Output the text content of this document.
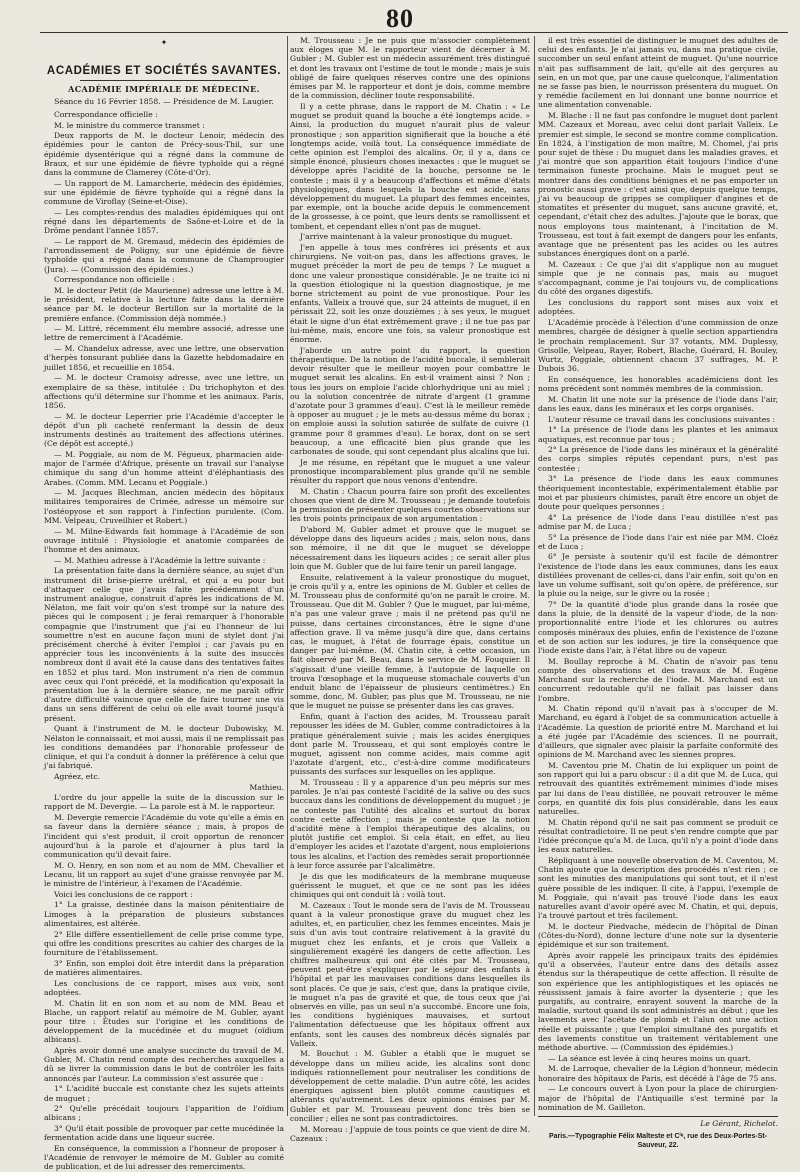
80
✦
ACADÉMIES ET SOCIÉTÉS SAVANTES.
ACADÉMIE IMPÉRIALE DE MÉDECINE.
Séance du 16 Février 1858. — Présidence de M. Laugier.

Correspondance officielle :

M. le ministre du commerce transmet :

Deux rapports de M. le docteur Lenoir, médecin des épidémies pour le canton de Précy-sous-Thil, sur une épidémie dysentérique qui a régné dans la commune de Braux, et sur une épidémie de fièvre typhoïde qui a régné dans la commune de Clamerey (Côte-d'Or).

— Un rapport de M. Lamarcherie, médecin des épidémies, sur une épidémie de fièvre typhoïde qui a régné dans la commune de Viroflay (Seine-et-Oise).

— Les comptes-rendus des maladies épidémiques qui ont régné dans les départements de Saône-et-Loire et de la Drôme pendant l'année 1857.

— Le rapport de M. Gremaud, médecin des épidémies de l'arrondissement de Poligny, sur une épidémie de fièvre typhoïde qui a régné dans la commune de Champrougier (Jura). — (Commission des épidémies.)

Correspondance non officielle :

M. le docteur Petit (de Maurienne) adresse une lettre à M. le président, relative à la lecture faite dans la dernière séance par M. le docteur Bertillon sur la mortalité de la première enfance. (Commission déjà nommée.)

— M. Littré, récemment élu membre associé, adresse une lettre de remerciment à l'Académie.

— M. Chandelux adresse, avec une lettre, une observation d'herpès tonsurant publiée dans la Gazette hebdomadaire en juillet 1856, et recueillie en 1854.

— M. le docteur Cramoisy adresse, avec une lettre, un exemplaire de sa thèse, intitulée : Du trichophyton et des affections qu'il détermine sur l'homme et les animaux. Paris, 1856.

— M. le docteur Leperrier prie l'Académie d'accepter le dépôt d'un pli cacheté renfermant la dessin de deux instruments destinés au traitement des affections utérines. (Ce dépôt est accepté.)

— M. Poggiale, au nom de M. Fégueux, pharmacien aide-major de l'armée d'Afrique, présente un travail sur l'analyse chimique du sang d'un homme atteint d'éléphantiasis des Arabes. (Comm. MM. Lecanu et Poggiale.)

— M. Jacques Blechman, ancien médecin des hôpitaux militaires temporaires de Crimée, adresse un mémoire sur l'ostéopyose et son rapport à l'infection purulente. (Com. MM. Velpeau, Cruveilhier et Robert.)

— M. Milne-Edwards fait hommage à l'Académie de son ouvrage intitulé : Physiologie et anatomie comparées de l'homme et des animaux.

— M. Mathieu adresse à l'Académie la lettre suivante :

La présentation faite dans la dernière séance, au sujet d'un instrument dit brise-pierre urétral, et qui a eu pour but d'attaquer celle que j'avais faite précédemment d'un instrument analogue, construit d'après les indications de M. Nélaton, me fait voir qu'on s'est trompé sur la nature des pièces qui le composent ; je ferai remarquer à l'honorable compagnie que l'instrument que j'ai eu l'honneur de lui soumettre n'est en aucune façon muni de stylet dont j'ai précisément cherché à éviter l'emploi ; car j'avais pu en apprécier tous les inconvénients à la suite des insuccès nombreux dont il avait été la cause dans des tentatives faites en 1852 et plus tard. Mon instrument n'a rien de commun avec ceux qui l'ont précédé, et la modification qu'exposait la présentation lue à la dernière séance, ne me paraît offrir d'autre difficulté vaincue que celle de faire tourner une vis dans un sens différent de celui où elle avait tourné jusqu'à présent.

Quant à l'instrument de M. le docteur Dubowisky, M. Nélaton le connaissait, et moi aussi, mais il ne remplissait pas les conditions demandées par l'honorable professeur de clinique, et qui l'a conduit à donner la préférence à celui que j'ai fabriqué.

Agréez, etc.

Mathieu.

L'ordre du jour appelle la suite de la discussion sur le rapport de M. Devergie. — La parole est à M. le rapporteur.

M. Devergie remercie l'Académie du vote qu'elle a émis en sa faveur dans la dernière séance ; mais, à propos de l'incident qui s'est produit, il croit opportun de renoncer aujourd'hui à la parole et d'ajourner à plus tard la communication qu'il devait faire.

M. O. Henry, en son nom et au nom de MM. Chevallier et Lecanu, lit un rapport au sujet d'une graisse renvoyée par M. le ministre de l'intérieur, à l'examen de l'Académie.

Voici les conclusions de ce rapport :

1° La graisse, destinée dans la maison pénitentiaire de Limoges à la préparation de plusieurs substances alimentaires, est altérée.

2° Elle diffère essentiellement de celle prise comme type, qui offre les conditions prescrites au cahier des charges de la fourniture de l'établissement.

3° Enfin, son emploi doit être interdit dans la préparation de matières alimentaires.

Les conclusions de ce rapport, mises aux voix, sont adoptées.

M. Chatin lit en son nom et au nom de MM. Beau et Blache, un rapport relatif au mémoire de M. Gubler, ayant pour titre : Études sur l'origine et les conditions de développement de la mucédinée et du muguet (oïdium albicans).

Après avoir donné une analyse succincte du travail de M. Gubler, M. Chatin rend compte des recherches auxquelles a dû se livrer la commission dans le but de contrôler les faits annoncés par l'auteur. La commission s'est assurée que :

1° L'acidité buccale est constante chez les sujets atteints de muguet ;

2° Qu'elle précédait toujours l'apparition de l'oïdium albicans ;

3° Qu'il était possible de provoquer par cette mucédinée la fermentation acide dans une liqueur sucrée.

En conséquence, la commission a l'honneur de proposer à l'Académie de renvoyer le mémoire de M. Gubler au comité de publication, et de lui adresser des remerciments.

M. Trousseau : Je ne puis que m'associer complètement aux éloges que M. le rapporteur vient de décerner à M. Gubler ; M. Gubler est un médecin assurément très distingué et dont les travaux ont l'estime de tout le monde ; mais je suis obligé de faire quelques réserves contre une des opinions émises par M. le rapporteur et dont je dois, comme membre de la commission, décliner toute responsabilité.

Il y a cette phrase, dans le rapport de M. Chatin : « Le muguet se produit quand la bouche a été longtemps acide. » Ainsi, la production du muguet n'aurait plus de valeur pronostique ; son apparition signifierait que la bouche a été longtemps acide, voilà tout. La conséquence immédiate de cette opinion est l'emploi des alcalins. Or, il y a, dans ce simple énoncé, plusieurs choses inexactes : que le muguet se développe après l'acidité de la bouche, personne ne le conteste ; mais il y a beaucoup d'affections et même d'états physiologiques, dans lesquels la bouche est acide, sans développement du muguet. La plupart des femmes enceintes, par exemple, ont la bouche acide depuis le commencement de la grossesse, à ce point, que leurs dents se ramollissent et tombent, et cependant elles n'ont pas de muguet.

J'arrive maintenant à la valeur pronostique du muguet.

J'en appelle à tous mes confrères ici présents et aux chirurgiens. Ne voit-on pas, dans les affections graves, le muguet précéder la mort de peu de temps ? Le muguet a donc une valeur pronostique considérable. Je ne traite ici ni la question étiologique ni la question diagnostique, je me borne strictement au point de vue pronostique. Pour les enfants, Valleix a trouvé que, sur 24 atteints de muguet, il en périssait 22, soit les onze douzièmes ; à ses yeux, le muguet était le signe d'un état extrêmement grave ; il ne tue pas par lui-même, mais, encore une fois, sa valeur pronostique est énorme.

J'aborde un autre point du rapport, la question thérapeutique. De la notion de l'acidité buccale, il semblerait devoir résulter que le meilleur moyen pour combattre le muguet serait les alcalins. En est-il vraiment ainsi ? Non ; tous les jours on emploie l'acide chlorhydrique uni au miel ; ou la solution concentrée de nitrate d'argent (1 gramme d'azotate pour 3 grammes d'eau). C'est là le meilleur remède à opposer au muguet ; je le mets au-dessus même du borax ; on emploie aussi la solution saturée de sulfate de cuivre (1 gramme pour 8 grammes d'eau). Le borax, dont on se sert beaucoup, a une efficacité bien plus grande que les carbonates de soude, qui sont cependant plus alcalins que lui.

Je me résume, en répétant que le muguet a une valeur pronostique incomparablement plus grande qu'il ne semble résulter du rapport que nous venons d'entendre.

M. Chatin : Chacun pourra faire son profit des excellentes choses que vient de dire M. Trousseau ; je demande toutefois la permission de présenter quelques courtes observations sur les trois points principaux de son argumentation :

D'abord M. Gubler admet et prouve que le muguet se développe dans des liqueurs acides ; mais, selon nous, dans son mémoire, il ne dit que le muguet se développe nécessairement dans les liqueurs acides ; ce serait aller plus loin que M. Gubler que de lui faire tenir un pareil langage.

Ensuite, relativement à la valeur pronostique du muguet, je crois qu'il y a, entre les opinions de M. Gubler et celles de M. Trousseau plus de conformité qu'on ne paraît le croire. M. Trousseau. Que dit M. Gubler ? Que le muguet, par lui-même, n'a pas une valeur grave ; mais il ne prétend pas qu'il ne puisse, dans certaines circonstances, être le signe d'une affection grave. Il va même jusqu'à dire que, dans certains cas, le muguet, à l'état de fourrage épais, constitue un danger par lui-même. (M. Chatin cite, à cette occasion, un fait observé par M. Beau, dans le service de M. Fouquier. Il s'agissait d'une vieille femme, à l'autopsie de laquelle on trouva l'œsophage et la muqueuse stomachale couverts d'un enduit blanc de l'épaisseur de plusieurs centimètres.) En somme, donc, M. Gubler, pas plus que M. Trousseau, ne nie que le muguet ne puisse se présenter dans les cas graves.

Enfin, quant à l'action des acides, M. Trousseau paraît repousser les idées de M. Gubler, comme contradictoires à la pratique généralement suivie ; mais les acides énergiques dont parle M. Trousseau, et qui sont employés contre le muguet, agissent non comme acides, mais comme agit l'azotate d'argent, etc., c'est-à-dire comme modificateurs puissants des surfaces sur lesquelles on les applique.

M. Trousseau : Il y a apparence d'un peu mépris sur mes paroles. Je n'ai pas contesté l'acidité de la salive ou des sucs buccaux dans les conditions de développement du muguet ; je ne conteste pas l'utilité des alcalins et surtout du borax contre cette affection ; mais je conteste que la notion d'acidité mène à l'emploi thérapeutique des alcalins, ou plutôt justifie cet emploi. Si cela était, en effet, au lieu d'employer les acides et l'azotate d'argent, nous emploierions tous les alcalins, et l'action des remèdes serait proportionnée à leur force assurée par l'alcalimètre.

Je dis que les modificateurs de la membrane muqueuse guérissent le muguet, et que ce ne sont pas les idées chimiques qui ont conduit là : voilà tout.

M. Cazeaux : Tout le monde sera de l'avis de M. Trousseau quant à la valeur pronostique grave du muguet chez les adultes, et, en particulier, chez les femmes enceintes. Mais je suis d'un avis tout contraire relativement à la gravité du muguet chez les enfants, et je crois que Valleix a singulièrement exagéré les dangers de cette affection. Les chiffres malheureux qui ont été cités par M. Trousseau, peuvent peut-être s'expliquer par le séjour des enfants à l'hôpital et par les mauvaises conditions dans lesquelles ils sont placés. Ce que je sais, c'est que, dans la pratique civile, le muguet n'a pas de gravité et que, de tous ceux que j'ai observés en ville, pas un seul n'a succombé. Encore une fois, les conditions hygiéniques mauvaises, et surtout l'alimentation défectueuse que les hôpitaux offrent aux enfants, sont les causes des nombreux décès signalés par Valleix.

M. Bouchut : M. Gubler a établi que le muguet se développe dans un milieu acide, les alcalins sont donc indiqués rationnellement pour neutraliser les conditions de développement de cette maladie. D'un autre côté, les acides énergiques agissent bien plutôt comme caustiques et altérants qu'autrement. Les deux opinions émises par M. Gubler et par M. Trousseau peuvent donc très bien se concilier ; elles ne sont pas contradictoires.

M. Moreau : J'appuie de tous points ce que vient de dire M. Cazeaux :

il est très essentiel de distinguer le muguet des adultes de celui des enfants. Je n'ai jamais vu, dans ma pratique civile, succomber un seul enfant atteint de muguet. Qu'une nourrice n'ait pas suffisamment de lait, qu'elle ait des gerçures au sein, en un mot que, par une cause quelconque, l'alimentation ne se fasse pas bien, le nourrisson présentera du muguet. On y remédie facilement en lui donnant une bonne nourrice et une alimentation convenable.

M. Blache : Il ne faut pas confondre le muguet dont parlent MM. Cazeaux et Moreau, avec celui dont parlait Valleix. Le premier est simple, le second se montre comme complication. En 1824, à l'instigation de mon maître, M. Chomel, j'ai pris pour sujet de thèse : Du muguet dans les maladies graves, et j'ai montré que son apparition était toujours l'indice d'une terminaison funeste prochaine. Mais le muguet peut se montrer dans des conditions bénignes et ne pas emporter un pronostic aussi grave : c'est ainsi que, depuis quelque temps, j'ai vu beaucoup de grippes se compliquer d'angines et de stomatites et présenter du muguet, sans aucune gravité, et, cependant, c'était chez des adultes. J'ajoute que le borax, que nous employons tous maintenant, à l'incitation de M. Trousseau, est tout à fait exempt de dangers pour les enfants, avantage que ne présentent pas les acides ou les autres substances énergiques dont on a parlé.

M. Cazeaux : Ce que j'ai dit s'applique non au muguet simple que je ne connais pas, mais au muguet s'accompagnant, comme je l'ai toujours vu, de complications du côté des organes digestifs.

Les conclusions du rapport sont mises aux voix et adoptées.

L'Académie procède à l'élection d'une commission de onze membres, chargée de désigner à quelle section appartiendra le prochain remplacement. Sur 37 votants, MM. Duplessy, Grisolle, Velpeau, Rayer, Robert, Blache, Guérard, H. Bouley, Wurtz, Poggiale, obtiennent chacun 37 suffrages, M. P. Dubois 36.

En conséquence, les honorables académiciens dont les noms précèdent sont nommés membres de la commission.

M. Chatin lit une note sur la présence de l'iode dans l'air, dans les eaux, dans les minéraux et les corps organisés.

L'auteur résume ce travail dans les conclusions suivantes :

1° La présence de l'iode dans les plantes et les animaux aquatiques, est reconnue par tous ;

2° La présence de l'iode dans les minéraux et la généralité des corps simples réputés cependant purs, n'est pas contestée ;

3° La présence de l'iode dans les eaux communes théoriquement incontestable, expérimentalement établie par moi et par plusieurs chimistes, paraît être encore un objet de doute pour quelques personnes ;

4° La présence de l'iode dans l'eau distillée n'est pas admise par M. de Luca ;

5° La présence de l'iode dans l'air est niée par MM. Cloëz et de Luca ;

6° Je persiste à soutenir qu'il est facile de démontrer l'existence de l'iode dans les eaux communes, dans les eaux distillées provenant de celles-ci, dans l'air enfin, soit qu'on en lave un volume suffisant, soit qu'on opère, de préférence, sur la pluie ou la neige, sur le givre ou la rosée ;

7° De la quantité d'iode plus grande dans la rosée que dans la pluie, de la densité de la vapeur d'iode, de la non-proportionnalité entre l'iode et les chlorures ou autres composés minéraux des pluies, enfin de l'existence de l'ozone et de son action sur les iodures, je tire la conséquence que l'iode existe dans l'air, à l'état libre ou de vapeur.

M. Boullay reproche à M. Chatin de n'avoir pas tenu compte des observations et des travaux de M. Eugène Marchand sur la recherche de l'iode. M. Marchand est un concurrent redoutable qu'il ne fallait pas laisser dans l'ombre.

M. Chatin répond qu'il n'avait pas à s'occuper de M. Marchand, eu égard à l'objet de sa communication actuelle à l'Académie. La question de priorité entre M. Marchand et lui a été jugée par l'Académie des sciences. Il ne pourrait, d'ailleurs, que signaler avec plaisir la parfaite conformité des opinions de M. Marchand avec les siennes propres.

M. Caventou prie M. Chatin de lui expliquer un point de son rapport qui lui a paru obscur : il a dit que M. de Luca, qui retrouvait des quantités extrêmement minimes d'iode mises par lui dans de l'eau distillée, ne pouvait retrouver le même corps, en quantité dix fois plus considérable, dans les eaux naturelles.

M. Chatin répond qu'il ne sait pas comment se produit ce résultat contradictoire. Il ne peut s'en rendre compte que par l'idée préconçue qu'a M. de Luca, qu'il n'y a point d'iode dans les eaux naturelles.

Répliquant à une nouvelle observation de M. Caventou, M. Chatin ajoute que la description des procédés n'est rien ; ce sont les minuties des manipulations qui sont tout, et il n'est guère possible de les indiquer. Il cite, à l'appui, l'exemple de M. Poggiale, qui n'avait pas trouvé l'iode dans les eaux naturelles avant d'avoir opéré avec M. Chatin, et qui, depuis, l'a trouvé partout et très facilement.

M. le docteur Piedvache, médecin de l'hôpital de Dinan (Côtes-du-Nord), donne lecture d'une note sur la dysenterie épidémique et sur son traitement.

Après avoir rappelé les principaux traits des épidémies qu'il a observées, l'auteur entre dans des détails assez étendus sur la thérapeutique de cette affection. Il résulte de son expérience que les antiphlogistiques et les opiacés ne réussissent jamais à faire avorter la dysenterie ; que les purgatifs, au contraire, enrayent souvent la marche de la maladie, surtout quand ils sont administrés au début ; que les lavements avec l'acétate de plomb et l'alun ont une action réelle et puissante ; que l'emploi simultané des purgatifs et des lavements constitue un traitement véritablement une méthode abortive. — (Commission des épidémies.)

— La séance est levée à cinq heures moins un quart.

M. de Larroque, chevalier de la Légion d'honneur, médecin honoraire des hôpitaux de Paris, est décédé à l'âge de 75 ans.

— Le concours ouvert à Lyon pour la place de chirurgien-major de l'hôpital de l'Antiquaille s'est terminé par la nomination de M. Gailleton.

Le Gérant, Richelot.
Paris.—Typographie Félix Malteste et Cⁱᵉ, rue des Deux-Portes-St-Sauveur, 22.
